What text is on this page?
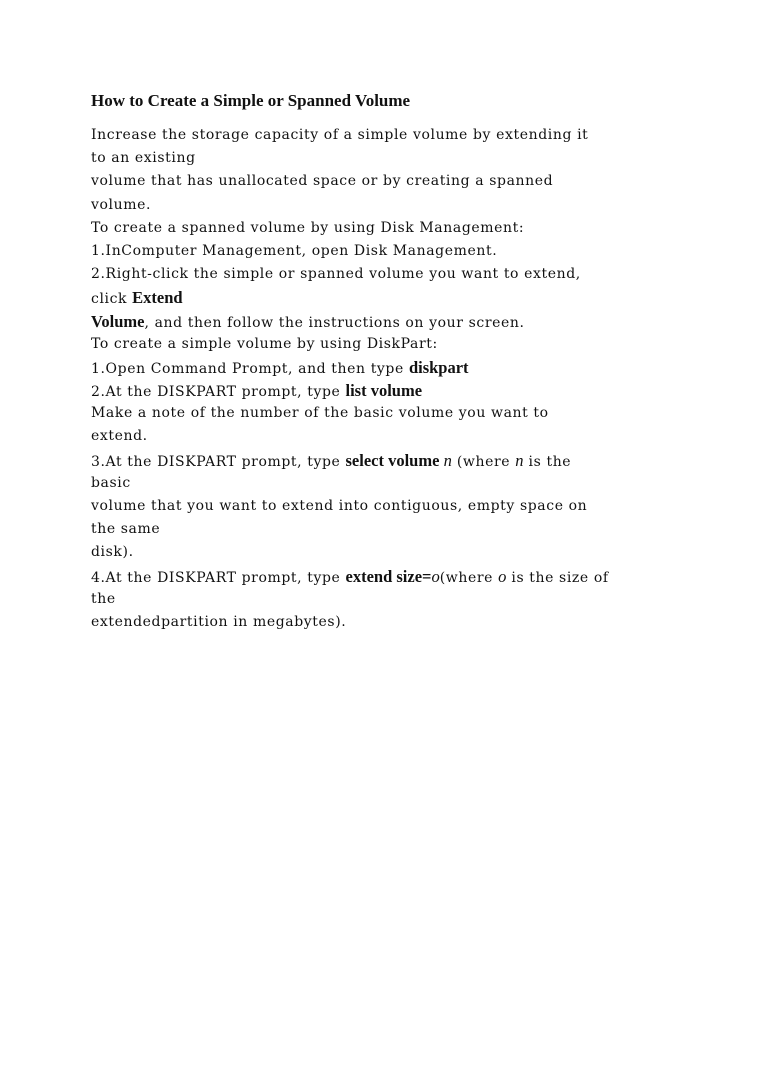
How to Create a Simple or Spanned Volume
Increase the storage capacity of a simple volume by extending it
to an existing
volume that has unallocated space or by creating a spanned
volume.
To create a spanned volume by using Disk Management:
1.InComputer Management, open Disk Management.
2.Right-click the simple or spanned volume you want to extend,
click Extend
Volume, and then follow the instructions on your screen.
To create a simple volume by using DiskPart:
1.Open Command Prompt, and then type diskpart
2.At the DISKPART prompt, type list volume
Make a note of the number of the basic volume you want to
extend.
3.At the DISKPART prompt, type select volume n (where n is the
basic
volume that you want to extend into contiguous, empty space on
the same
disk).
4.At the DISKPART prompt, type extend size=o(where o is the size of
the
extendedpartition in megabytes).
